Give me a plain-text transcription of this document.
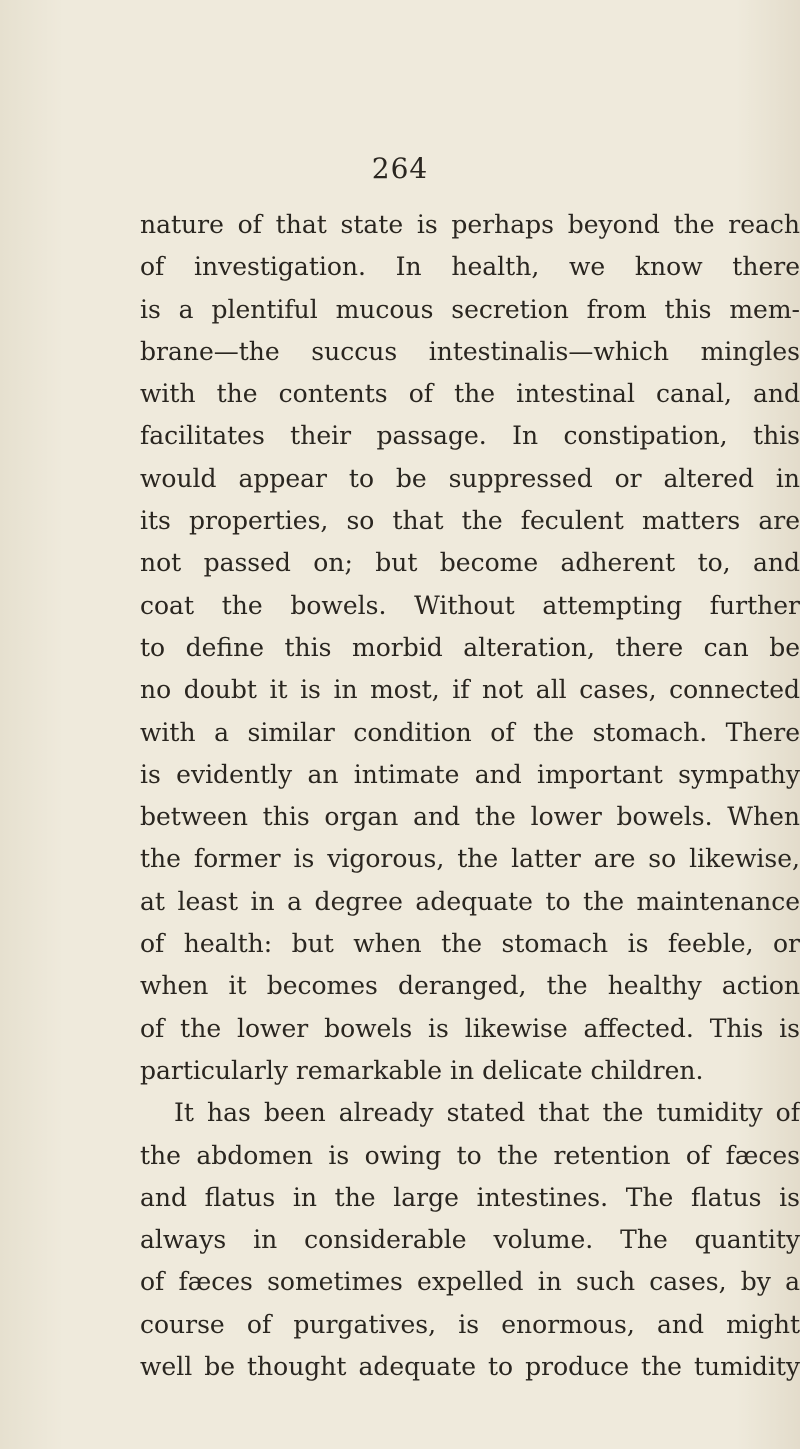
264
nature of that state is perhaps beyond the reach
of investigation. In health, we know there
is a plentiful mucous secretion from this mem-
brane—the succus intestinalis—which mingles
with the contents of the intestinal canal, and
facilitates their passage. In constipation, this
would appear to be suppressed or altered in
its properties, so that the feculent matters are
not passed on; but become adherent to, and
coat the bowels. Without attempting further
to define this morbid alteration, there can be
no doubt it is in most, if not all cases, connected
with a similar condition of the stomach. There
is evidently an intimate and important sympathy
between this organ and the lower bowels. When
the former is vigorous, the latter are so likewise,
at least in a degree adequate to the maintenance
of health: but when the stomach is feeble, or
when it becomes deranged, the healthy action
of the lower bowels is likewise affected. This is
particularly remarkable in delicate children.
It has been already stated that the tumidity of
the abdomen is owing to the retention of fæces
and flatus in the large intestines. The flatus is
always in considerable volume. The quantity
of fæces sometimes expelled in such cases, by a
course of purgatives, is enormous, and might
well be thought adequate to produce the tumidity
